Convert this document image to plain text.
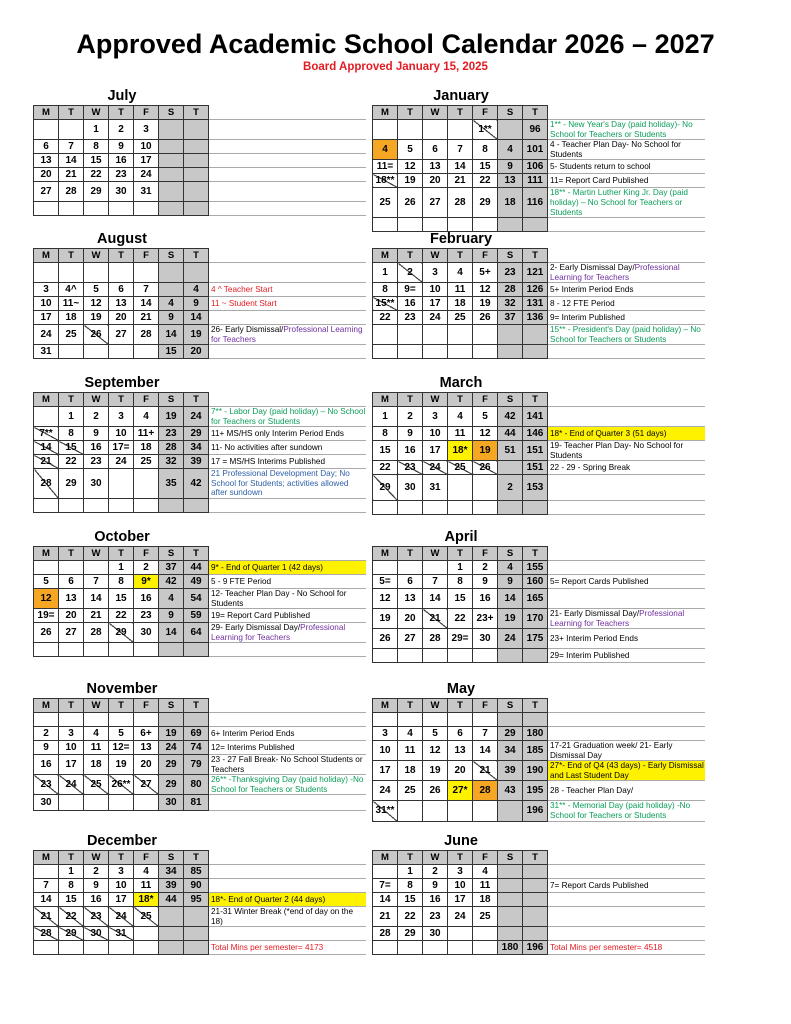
Approved Academic School Calendar 2026 – 2027
Board Approved January 15, 2025
July
M	T	W	T	F	S	T	
		1	2	3			
6	7	8	9	10			
13	14	15	16	17			
20	21	22	23	24			
27	28	29	30	31			

January
M	T	W	T	F	S	T	
				1**		96	1** - New Year's Day (paid holiday)- No School for Teachers or Students
4	5	6	7	8	4	101	4 - Teacher Plan Day- No School for Students
11=	12	13	14	15	9	106	5- Students return to school
18**	19	20	21	22	13	111	11= Report Card Published
25	26	27	28	29	18	116	18** - Martin Luther King Jr. Day (paid holiday) – No School for Teachers or Students

August
M	T	W	T	F	S	T	

3	4^	5	6	7		4	4 ^ Teacher Start
10	11~	12	13	14	4	9	11 ~ Student Start
17	18	19	20	21	9	14	
24	25	26	27	28	14	19	26- Early Dismissal/Professional Learning for Teachers
31					15	20	
February
M	T	W	T	F	S	T	
1	2	3	4	5+	23	121	2- Early Dismissal Day/Professional Learning for Teachers
8	9=	10	11	12	28	126	5+ Interim Period Ends
15**	16	17	18	19	32	131	8 - 12 FTE Period
22	23	24	25	26	37	136	9= Interim Published
							15** - President's Day (paid holiday) – No School for Teachers or Students

September
M	T	W	T	F	S	T	
	1	2	3	4	19	24	7** - Labor Day (paid holiday) – No School for Teachers or Students
7**	8	9	10	11+	23	29	11+ MS/HS only Interim Period Ends
14	15	16	17=	18	28	34	11- No activities after sundown
21	22	23	24	25	32	39	17 = MS/HS Interims Published
28	29	30			35	42	21 Professional Development Day; No School for Students; activities allowed after sundown

March
M	T	W	T	F	S	T	
1	2	3	4	5	42	141	
8	9	10	11	12	44	146	18* - End of Quarter 3 (51 days)
15	16	17	18*	19	51	151	19- Teacher Plan Day- No School for Students
22	23	24	25	26		151	22 - 29 - Spring Break
29	30	31			2	153	

October
M	T	W	T	F	S	T	
			1	2	37	44	9* - End of Quarter 1 (42 days)
5	6	7	8	9*	42	49	5 - 9 FTE Period
12	13	14	15	16	4	54	12- Teacher Plan Day - No School for Students
19=	20	21	22	23	9	59	19= Report Card Published
26	27	28	29	30	14	64	29- Early Dismissal Day/Professional Learning for Teachers

April
M	T	W	T	F	S	T	
			1	2	4	155	
5=	6	7	8	9	9	160	5= Report Cards Published
12	13	14	15	16	14	165	
19	20	21	22	23+	19	170	21- Early Dismissal Day/Professional Learning for Teachers
26	27	28	29=	30	24	175	23+ Interim Period Ends
							29= Interim Published
November
M	T	W	T	F	S	T	

2	3	4	5	6+	19	69	6+ Interim Period Ends
9	10	11	12=	13	24	74	12= Interims Published
16	17	18	19	20	29	79	23 - 27 Fall Break- No School Students or Teachers
23	24	25	26**	27	29	80	26** -Thanksgiving Day (paid holiday) -No School for Teachers or Students
30					30	81	
May
M	T	W	T	F	S	T	

3	4	5	6	7	29	180	
10	11	12	13	14	34	185	17-21 Graduation week/ 21- Early Dismissal Day
17	18	19	20	21	39	190	27*- End of Q4 (43 days) - Early Dismissal and Last Student Day
24	25	26	27*	28	43	195	28 - Teacher Plan Day/
31**						196	31** - Memorial Day (paid holiday) -No School for Teachers or Students
December
M	T	W	T	F	S	T	
	1	2	3	4	34	85	
7	8	9	10	11	39	90	
14	15	16	17	18*	44	95	18*- End of Quarter 2 (44 days)
21	22	23	24	25			21-31 Winter Break (*end of day on the 18)
28	29	30	31				
							Total Mins per semester= 4173
June
M	T	W	T	F	S	T	
	1	2	3	4			
7=	8	9	10	11			7= Report Cards Published
14	15	16	17	18			
21	22	23	24	25			
28	29	30					
					180	196	Total Mins per semester= 4518
